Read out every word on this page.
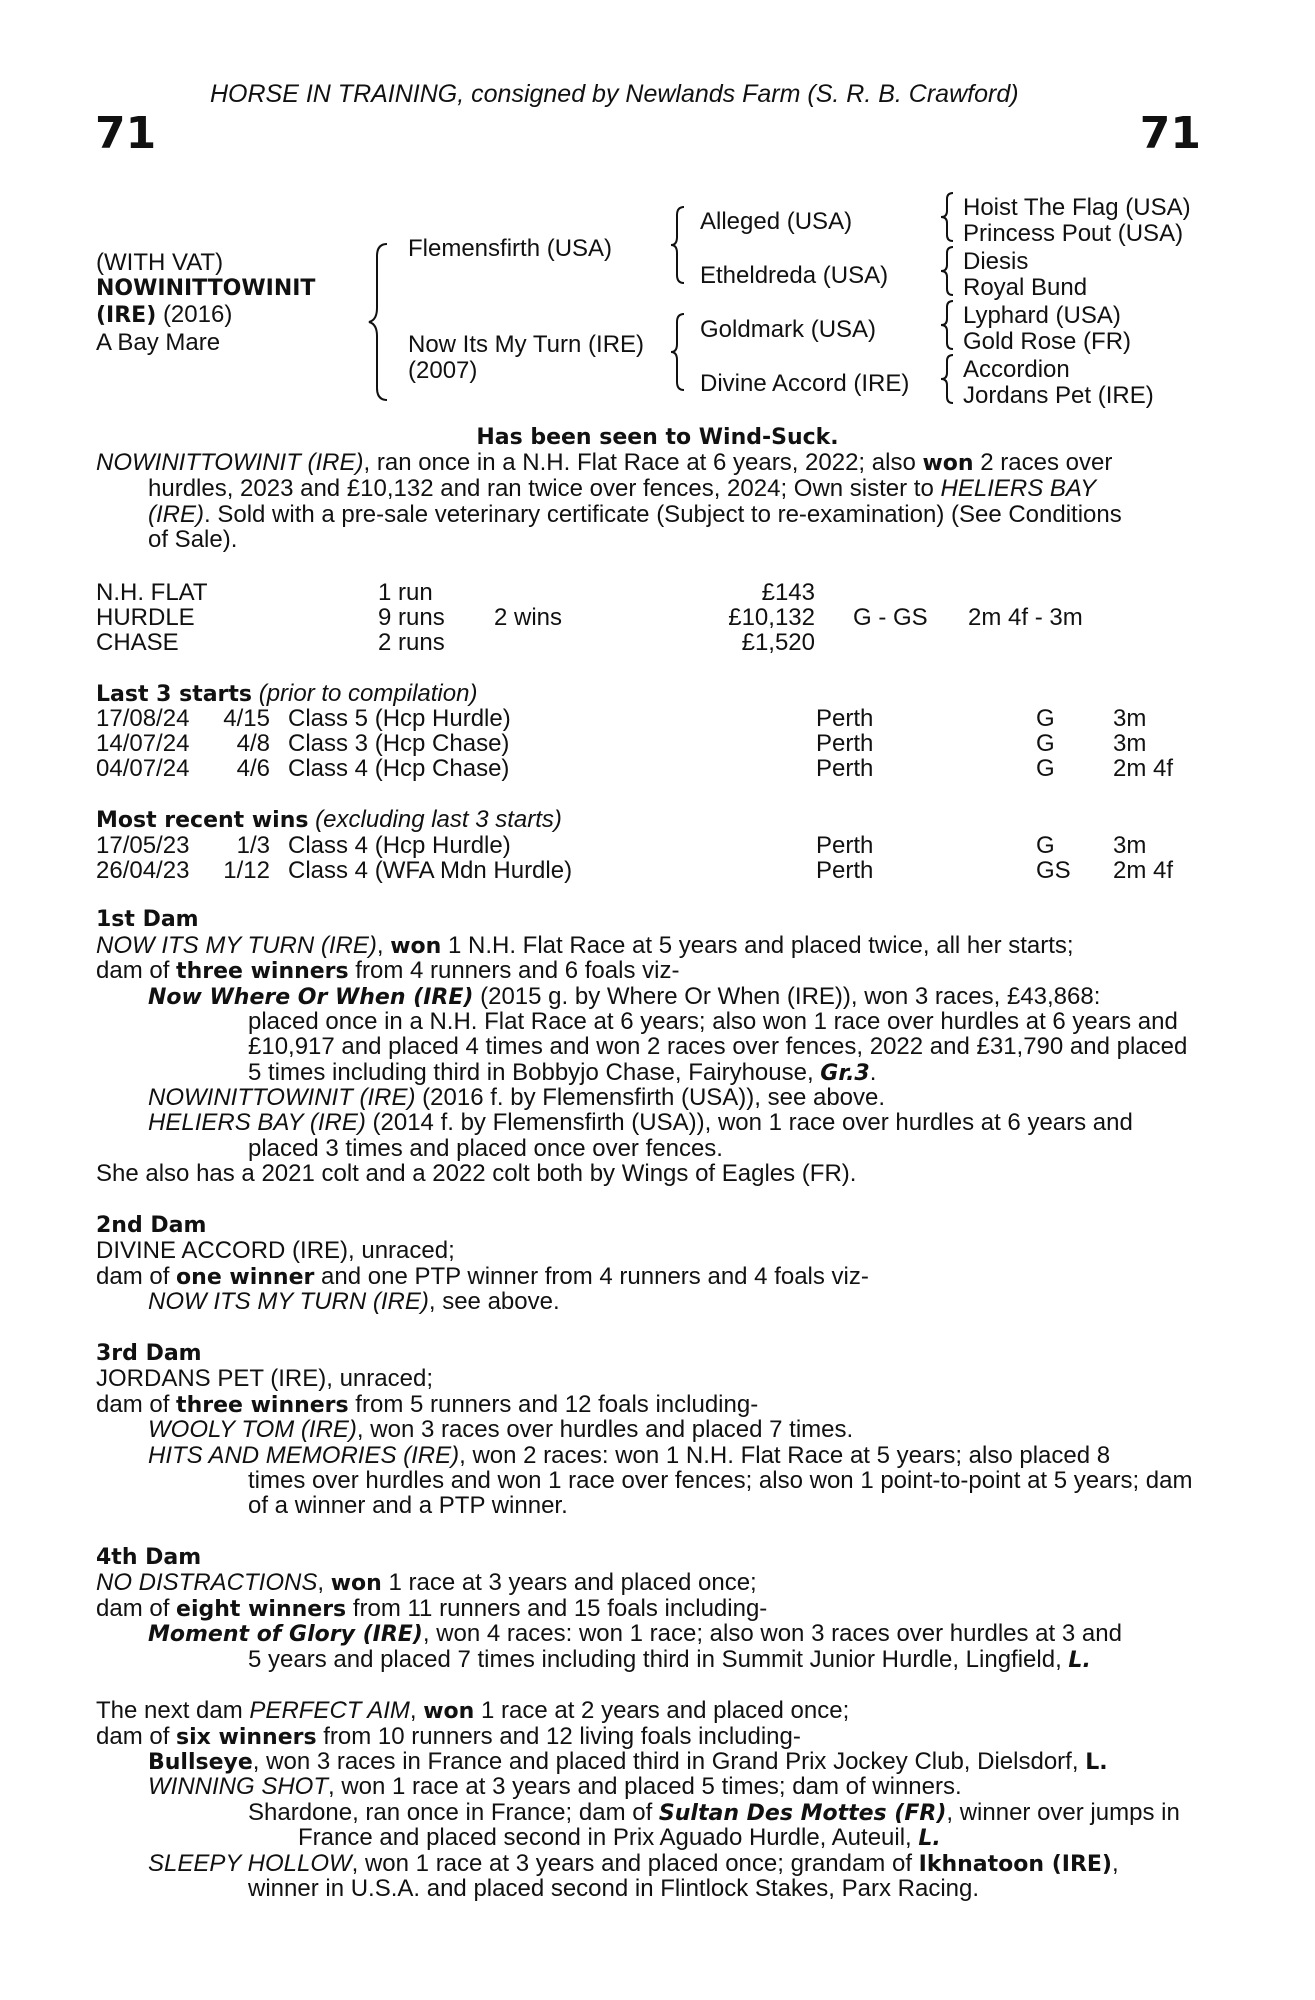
HORSE IN TRAINING, consigned by Newlands Farm (S. R. B. Crawford)
71	71
(WITH VAT)
NOWINITTOWINIT
(IRE) (2016)
A Bay Mare
Flemensfirth (USA)
Now Its My Turn (IRE)
(2007)
Alleged (USA)
Etheldreda (USA)
Goldmark (USA)
Divine Accord (IRE)
Hoist The Flag (USA)
Princess Pout (USA)
Diesis
Royal Bund
Lyphard (USA)
Gold Rose (FR)
Accordion
Jordans Pet (IRE)
Has been seen to Wind-Suck.
NOWINITTOWINIT (IRE), ran once in a N.H. Flat Race at 6 years, 2022; also won 2 races over
hurdles, 2023 and £10,132 and ran twice over fences, 2024; Own sister to HELIERS BAY
(IRE). Sold with a pre-sale veterinary certificate (Subject to re-examination) (See Conditions
of Sale).
N.H. FLAT	1 run	£143
HURDLE	9 runs 2 wins	£10,132 G - GS 2m 4f - 3m
CHASE	2 runs	£1,520
Last 3 starts (prior to compilation)
17/08/24	4/15 Class 5 (Hcp Hurdle)	Perth	G 3m
14/07/24	4/8 Class 3 (Hcp Chase)	Perth	G 3m
04/07/24	4/6 Class 4 (Hcp Chase)	Perth	G 2m 4f
Most recent wins (excluding last 3 starts)
17/05/23	1/3 Class 4 (Hcp Hurdle)	Perth	G 3m
26/04/23	1/12 Class 4 (WFA Mdn Hurdle)	Perth	GS 2m 4f
1st Dam
NOW ITS MY TURN (IRE), won 1 N.H. Flat Race at 5 years and placed twice, all her starts;
dam of three winners from 4 runners and 6 foals viz-
Now Where Or When (IRE) (2015 g. by Where Or When (IRE)), won 3 races, £43,868:
placed once in a N.H. Flat Race at 6 years; also won 1 race over hurdles at 6 years and
£10,917 and placed 4 times and won 2 races over fences, 2022 and £31,790 and placed
5 times including third in Bobbyjo Chase, Fairyhouse, Gr.3.
NOWINITTOWINIT (IRE) (2016 f. by Flemensfirth (USA)), see above.
HELIERS BAY (IRE) (2014 f. by Flemensfirth (USA)), won 1 race over hurdles at 6 years and
placed 3 times and placed once over fences.
She also has a 2021 colt and a 2022 colt both by Wings of Eagles (FR).
2nd Dam
DIVINE ACCORD (IRE), unraced;
dam of one winner and one PTP winner from 4 runners and 4 foals viz-
NOW ITS MY TURN (IRE), see above.
3rd Dam
JORDANS PET (IRE), unraced;
dam of three winners from 5 runners and 12 foals including-
WOOLY TOM (IRE), won 3 races over hurdles and placed 7 times.
HITS AND MEMORIES (IRE), won 2 races: won 1 N.H. Flat Race at 5 years; also placed 8
times over hurdles and won 1 race over fences; also won 1 point-to-point at 5 years; dam
of a winner and a PTP winner.
4th Dam
NO DISTRACTIONS, won 1 race at 3 years and placed once;
dam of eight winners from 11 runners and 15 foals including-
Moment of Glory (IRE), won 4 races: won 1 race; also won 3 races over hurdles at 3 and
5 years and placed 7 times including third in Summit Junior Hurdle, Lingfield, L.
The next dam PERFECT AIM, won 1 race at 2 years and placed once;
dam of six winners from 10 runners and 12 living foals including-
Bullseye, won 3 races in France and placed third in Grand Prix Jockey Club, Dielsdorf, L.
WINNING SHOT, won 1 race at 3 years and placed 5 times; dam of winners.
Shardone, ran once in France; dam of Sultan Des Mottes (FR), winner over jumps in
France and placed second in Prix Aguado Hurdle, Auteuil, L.
SLEEPY HOLLOW, won 1 race at 3 years and placed once; grandam of Ikhnatoon (IRE),
winner in U.S.A. and placed second in Flintlock Stakes, Parx Racing.
